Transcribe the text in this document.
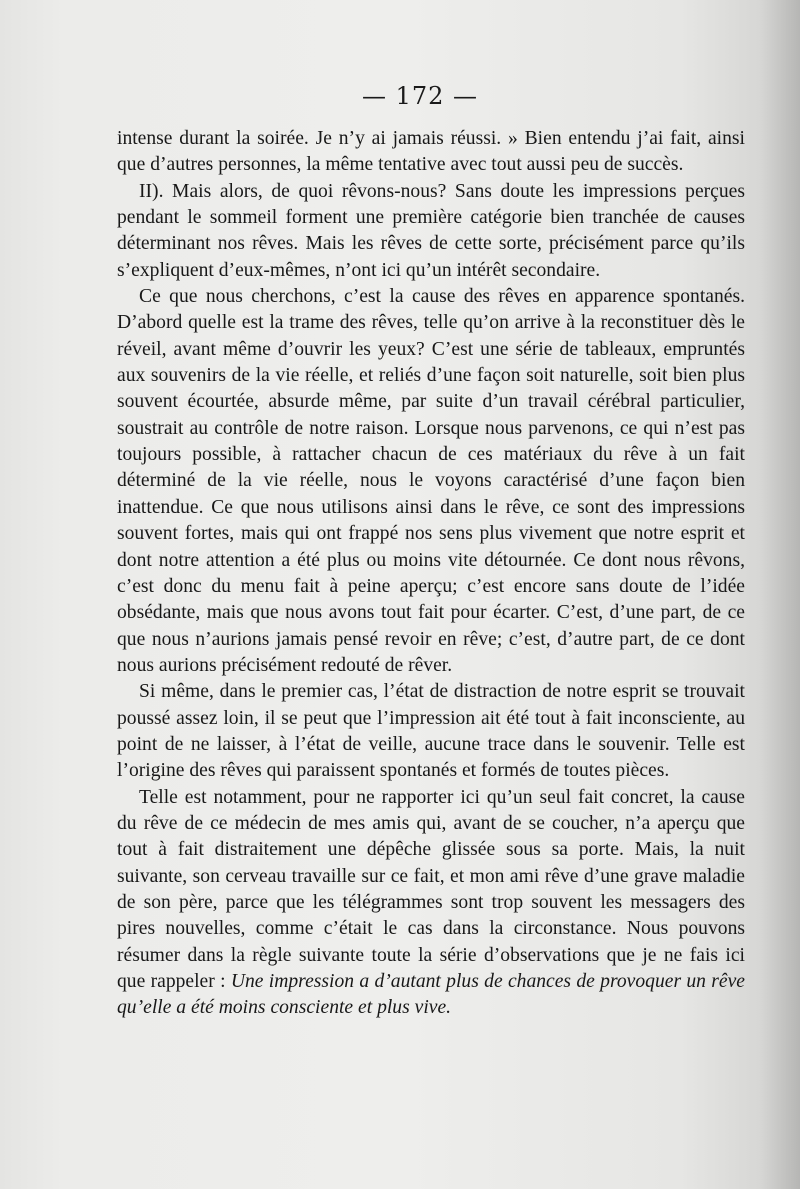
— 172 —

intense durant la soirée. Je n’y ai jamais réussi. » Bien entendu j’ai fait, ainsi que d’autres personnes, la même tentative avec tout aussi peu de succès.

II). Mais alors, de quoi rêvons-nous? Sans doute les impressions perçues pendant le sommeil forment une première catégorie bien tranchée de causes déterminant nos rêves. Mais les rêves de cette sorte, précisément parce qu’ils s’expliquent d’eux-mêmes, n’ont ici qu’un intérêt secondaire.

Ce que nous cherchons, c’est la cause des rêves en apparence spontanés. D’abord quelle est la trame des rêves, telle qu’on arrive à la reconstituer dès le réveil, avant même d’ouvrir les yeux? C’est une série de tableaux, empruntés aux souvenirs de la vie réelle, et reliés d’une façon soit naturelle, soit bien plus souvent écourtée, absurde même, par suite d’un travail cérébral particulier, soustrait au contrôle de notre raison. Lorsque nous parvenons, ce qui n’est pas toujours possible, à rattacher chacun de ces matériaux du rêve à un fait déterminé de la vie réelle, nous le voyons caractérisé d’une façon bien inattendue. Ce que nous utilisons ainsi dans le rêve, ce sont des impressions souvent fortes, mais qui ont frappé nos sens plus vivement que notre esprit et dont notre attention a été plus ou moins vite détournée. Ce dont nous rêvons, c’est donc du menu fait à peine aperçu; c’est encore sans doute de l’idée obsédante, mais que nous avons tout fait pour écarter. C’est, d’une part, de ce que nous n’aurions jamais pensé revoir en rêve; c’est, d’autre part, de ce dont nous aurions précisément redouté de rêver.

Si même, dans le premier cas, l’état de distraction de notre esprit se trouvait poussé assez loin, il se peut que l’impression ait été tout à fait inconsciente, au point de ne laisser, à l’état de veille, aucune trace dans le souvenir. Telle est l’origine des rêves qui paraissent spontanés et formés de toutes pièces.

Telle est notamment, pour ne rapporter ici qu’un seul fait concret, la cause du rêve de ce médecin de mes amis qui, avant de se coucher, n’a aperçu que tout à fait distraitement une dépêche glissée sous sa porte. Mais, la nuit suivante, son cerveau travaille sur ce fait, et mon ami rêve d’une grave maladie de son père, parce que les télégrammes sont trop souvent les messagers des pires nouvelles, comme c’était le cas dans la circonstance. Nous pouvons résumer dans la règle suivante toute la série d’observations que je ne fais ici que rappeler : Une impression a d’autant plus de chances de provoquer un rêve qu’elle a été moins consciente et plus vive.
